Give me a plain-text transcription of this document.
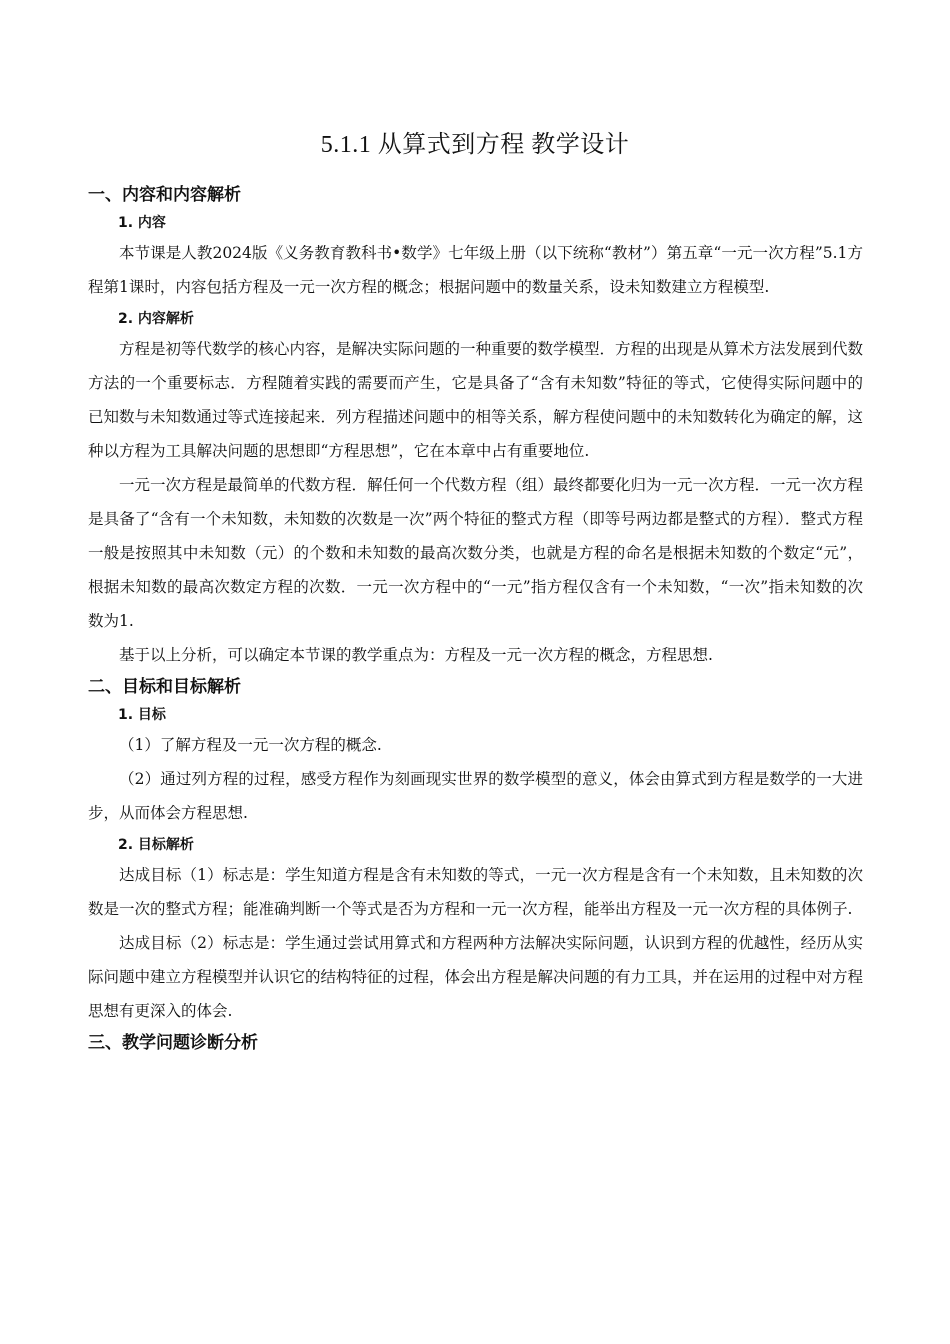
5.1.1 从算式到方程 教学设计
一、内容和内容解析
1. 内容

本节课是人教2024版《义务教育教科书•数学》七年级上册（以下统称“教材”）第五章“一元一次方程”5.1方程第1课时，内容包括方程及一元一次方程的概念；根据问题中的数量关系，设未知数建立方程模型.

2. 内容解析

方程是初等代数学的核心内容，是解决实际问题的一种重要的数学模型．方程的出现是从算术方法发展到代数方法的一个重要标志．方程随着实践的需要而产生，它是具备了“含有未知数”特征的等式，它使得实际问题中的已知数与未知数通过等式连接起来．列方程描述问题中的相等关系，解方程使问题中的未知数转化为确定的解，这种以方程为工具解决问题的思想即“方程思想”，它在本章中占有重要地位.

一元一次方程是最简单的代数方程．解任何一个代数方程（组）最终都要化归为一元一次方程．一元一次方程是具备了“含有一个未知数，未知数的次数是一次”两个特征的整式方程（即等号两边都是整式的方程）．整式方程一般是按照其中未知数（元）的个数和未知数的最高次数分类，也就是方程的命名是根据未知数的个数定“元”，根据未知数的最高次数定方程的次数．一元一次方程中的“一元”指方程仅含有一个未知数，“一次”指未知数的次数为1.

基于以上分析，可以确定本节课的教学重点为：方程及一元一次方程的概念，方程思想.

二、目标和目标解析
1. 目标

（1）了解方程及一元一次方程的概念.

（2）通过列方程的过程，感受方程作为刻画现实世界的数学模型的意义，体会由算式到方程是数学的一大进步，从而体会方程思想.

2. 目标解析

达成目标（1）标志是：学生知道方程是含有未知数的等式，一元一次方程是含有一个未知数，且未知数的次数是一次的整式方程；能准确判断一个等式是否为方程和一元一次方程，能举出方程及一元一次方程的具体例子.

达成目标（2）标志是：学生通过尝试用算式和方程两种方法解决实际问题，认识到方程的优越性，经历从实际问题中建立方程模型并认识它的结构特征的过程，体会出方程是解决问题的有力工具，并在运用的过程中对方程思想有更深入的体会.

三、教学问题诊断分析
